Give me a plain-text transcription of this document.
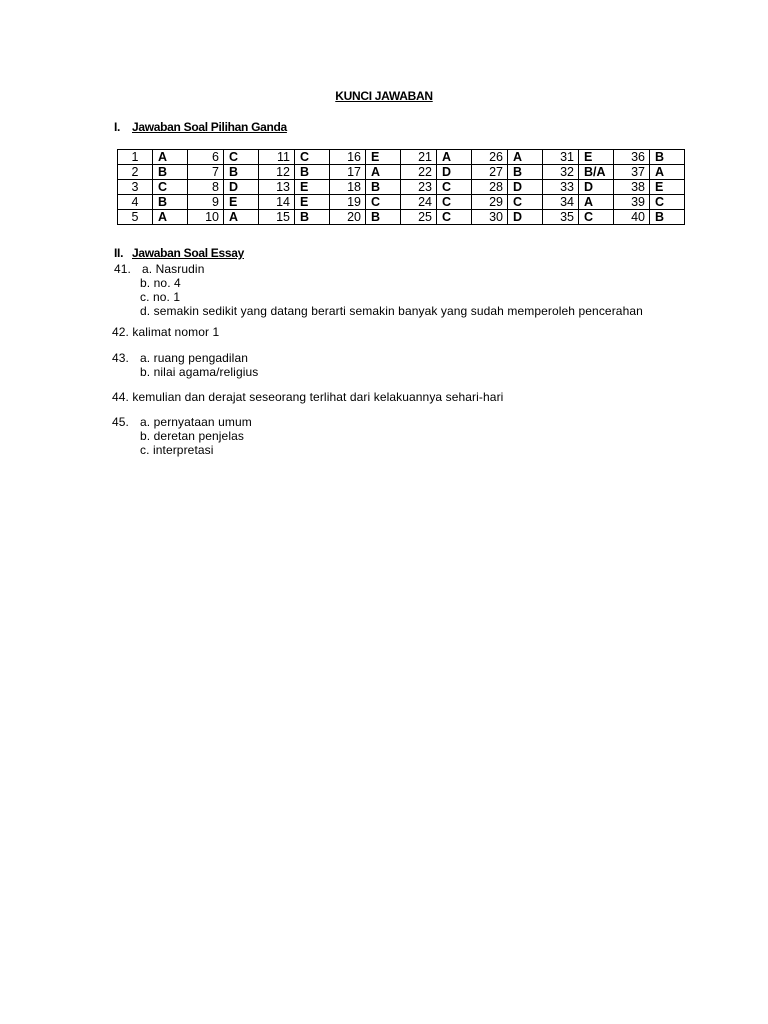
KUNCI JAWABAN
I. Jawaban Soal Pilihan Ganda
1	A	6	C	11	C	16	E	21	A	26	A	31	E	36	B
2	B	7	B	12	B	17	A	22	D	27	B	32	B/A	37	A
3	C	8	D	13	E	18	B	23	C	28	D	33	D	38	E
4	B	9	E	14	E	19	C	24	C	29	C	34	A	39	C
5	A	10	A	15	B	20	B	25	C	30	D	35	C	40	B
II. Jawaban Soal Essay
41. a. Nasrudin
b. no. 4
c. no. 1
d. semakin sedikit yang datang berarti semakin banyak yang sudah memperoleh pencerahan
42. kalimat nomor 1
43. a. ruang pengadilan
b. nilai agama/religius
44. kemulian dan derajat seseorang terlihat dari kelakuannya sehari-hari
45. a. pernyataan umum
b. deretan penjelas
c. interpretasi
